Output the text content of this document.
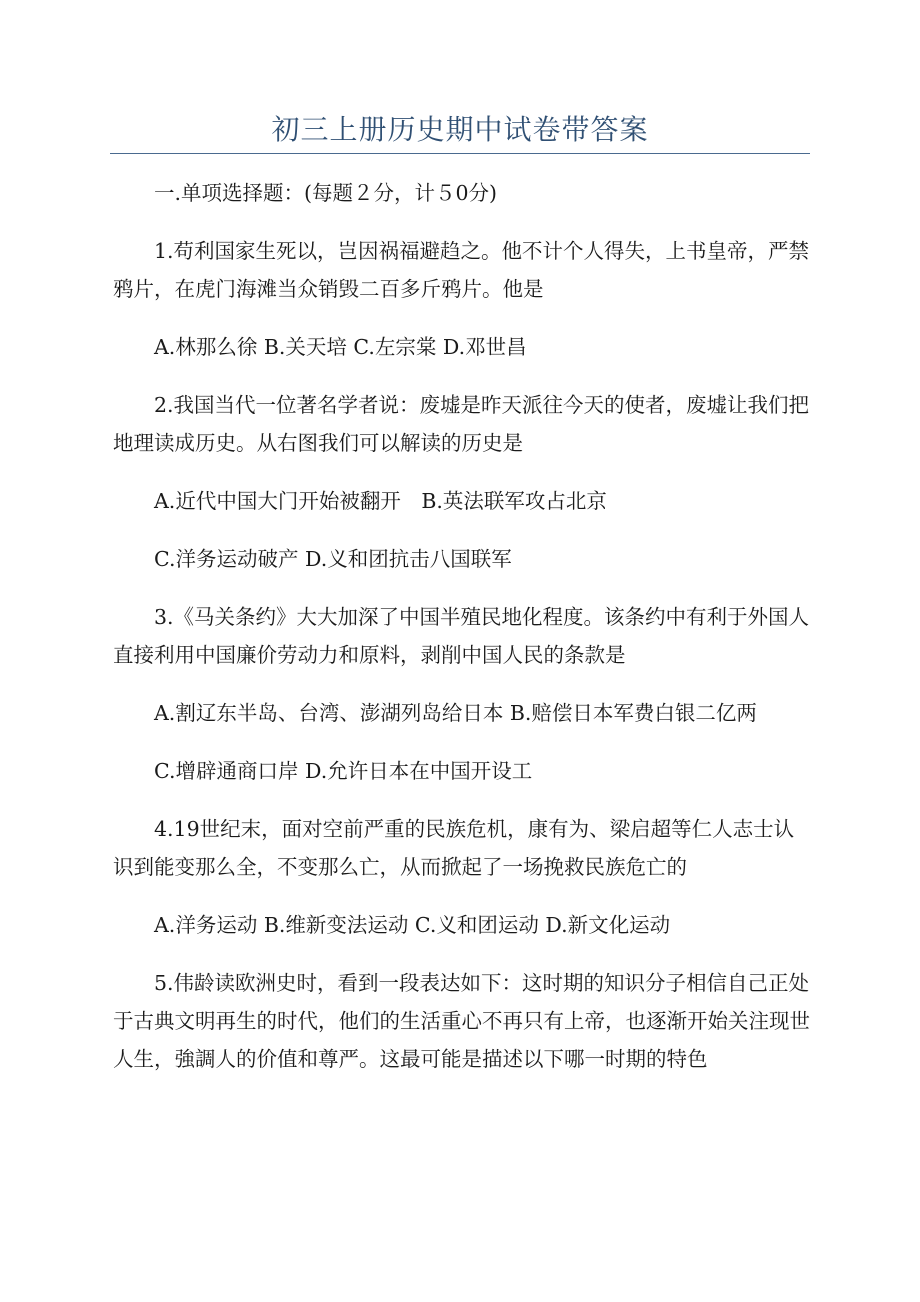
初三上册历史期中试卷带答案

一.单项选择题：(每题２分，计５0分)

1.苟利国家生死以，岂因祸福避趋之。他不计个人得失，上书皇帝，严禁鸦片，在虎门海滩当众销毁二百多斤鸦片。他是

A.林那么徐 B.关天培 C.左宗棠 D.邓世昌

2.我国当代一位著名学者说：废墟是昨天派往今天的使者，废墟让我们把地理读成历史。从右图我们可以解读的历史是

A.近代中国大门开始被翻开　B.英法联军攻占北京

C.洋务运动破产 D.义和团抗击八国联军

3.《马关条约》大大加深了中国半殖民地化程度。该条约中有利于外国人直接利用中国廉价劳动力和原料，剥削中国人民的条款是

A.割辽东半岛、台湾、澎湖列岛给日本 B.赔偿日本军费白银二亿两

C.增辟通商口岸 D.允许日本在中国开设工

4.19世纪末，面对空前严重的民族危机，康有为、梁启超等仁人志士认识到能变那么全，不变那么亡，从而掀起了一场挽救民族危亡的

A.洋务运动 B.维新变法运动 C.义和团运动 D.新文化运动

5.伟龄读欧洲史时，看到一段表达如下：这时期的知识分子相信自己正处于古典文明再生的时代，他们的生活重心不再只有上帝，也逐渐开始关注现世人生，強調人的价值和尊严。这最可能是描述以下哪一时期的特色
